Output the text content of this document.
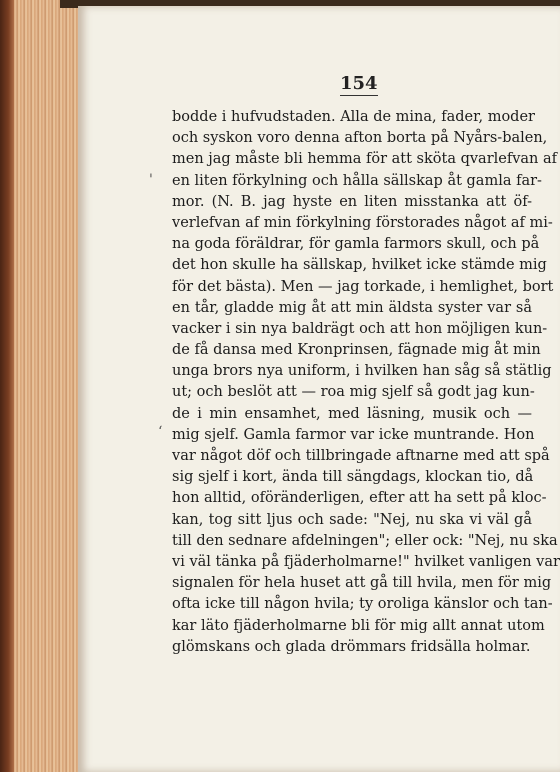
154
'
‘
bodde i hufvudstaden. Alla de mina, fader, moder
och syskon voro denna afton borta på Nyårs-balen,
men jag måste bli hemma för att sköta qvarlefvan af
en liten förkylning och hålla sällskap åt gamla far-
mor. (N. B. jag hyste en liten misstanka att öf-
verlefvan af min förkylning förstorades något af mi-
na goda föräldrar, för gamla farmors skull, och på
det hon skulle ha sällskap, hvilket icke stämde mig
för det bästa). Men — jag torkade, i hemlighet, bort
en tår, gladde mig åt att min äldsta syster var så
vacker i sin nya baldrägt och att hon möjligen kun-
de få dansa med Kronprinsen, fägnade mig åt min
unga brors nya uniform, i hvilken han såg så stätlig
ut; och beslöt att — roa mig sjelf så godt jag kun-
de i min ensamhet, med läsning, musik och —
mig sjelf. Gamla farmor var icke muntrande. Hon
var något döf och tillbringade aftnarne med att spå
sig sjelf i kort, ända till sängdags, klockan tio, då
hon alltid, oföränderligen, efter att ha sett på kloc-
kan, tog sitt ljus och sade: "Nej, nu ska vi väl gå
till den sednare afdelningen"; eller ock: "Nej, nu ska
vi väl tänka på fjäderholmarne!" hvilket vanligen var
signalen för hela huset att gå till hvila, men för mig
ofta icke till någon hvila; ty oroliga känslor och tan-
kar läto fjäderholmarne bli för mig allt annat utom
glömskans och glada drömmars fridsälla holmar.
